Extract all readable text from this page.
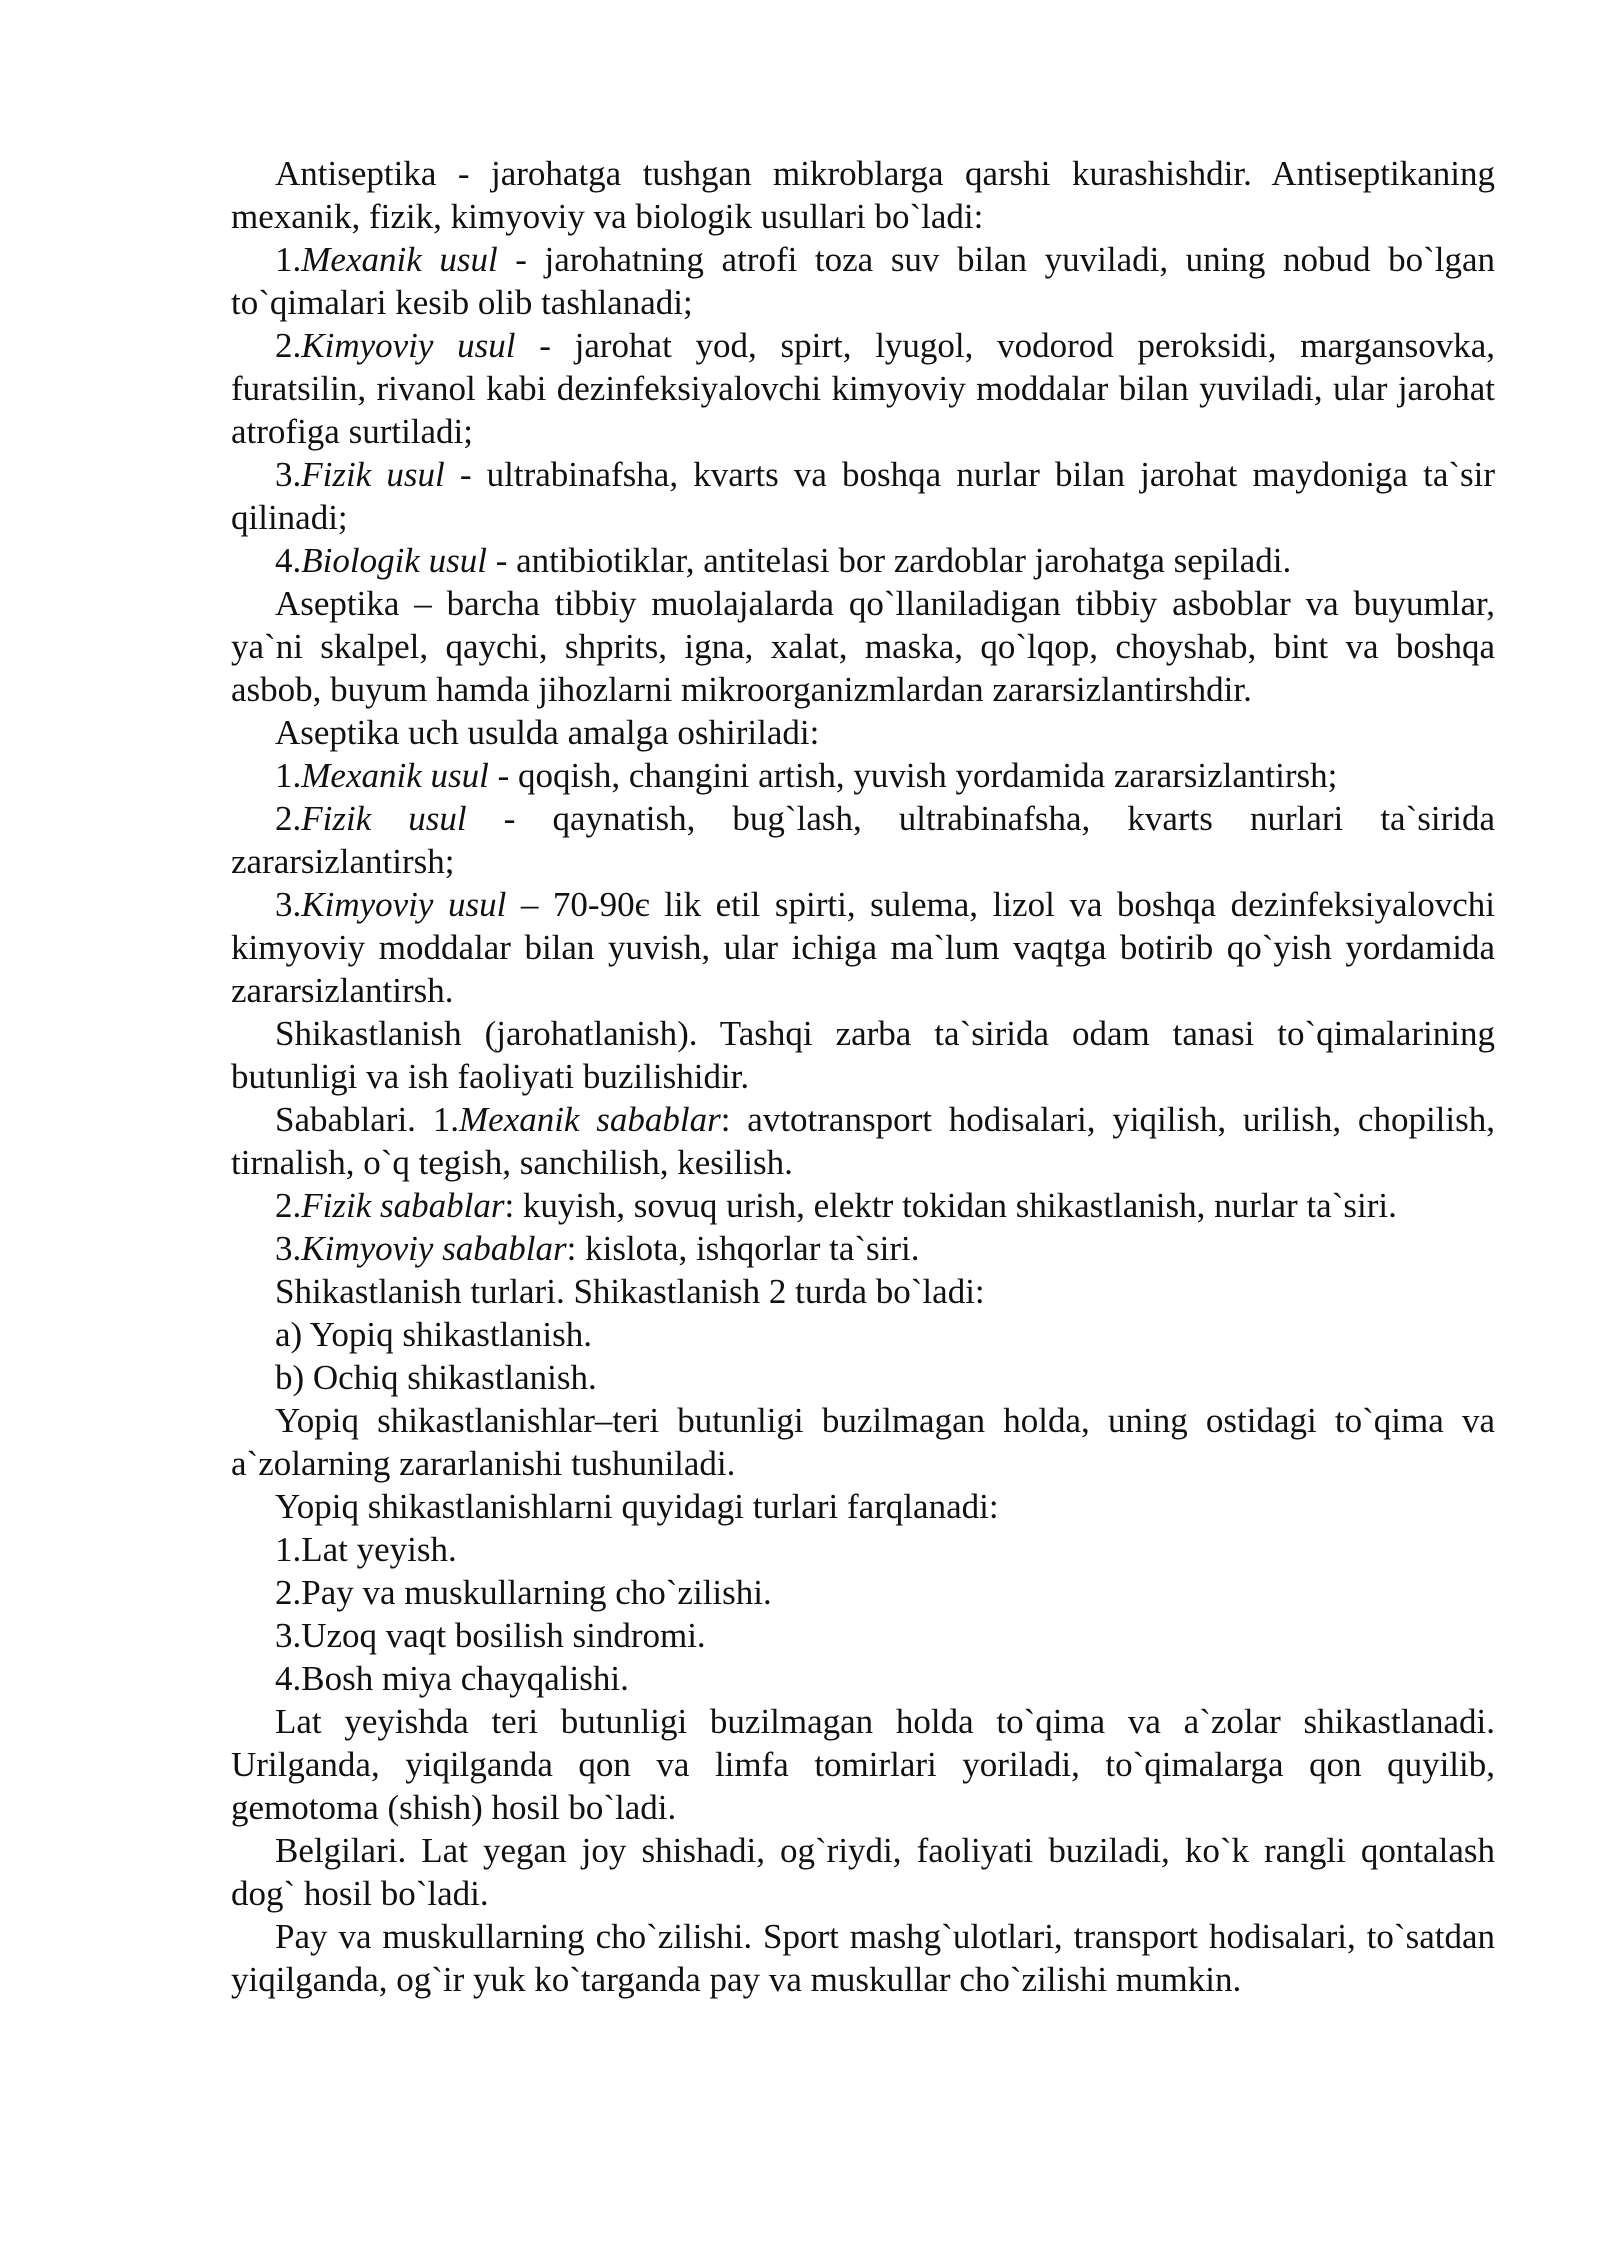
Antiseptika - jarohatga tushgan mikroblarga qarshi kurashishdir. Antiseptikaning mexanik, fizik, kimyoviy va biologik usullari bo`ladi:

1.Mexanik usul - jarohatning atrofi toza suv bilan yuviladi, uning nobud bo`lgan to`qimalari kesib olib tashlanadi;

2.Kimyoviy usul - jarohat yod, spirt, lyugol, vodorod peroksidi, margansovka, furatsilin, rivanol kabi dezinfeksiyalovchi kimyoviy moddalar bilan yuviladi, ular jarohat atrofiga surtiladi;

3.Fizik usul - ultrabinafsha, kvarts va boshqa nurlar bilan jarohat maydoniga ta`sir qilinadi;

4.Biologik usul - antibiotiklar, antitelasi bor zardoblar jarohatga sepiladi.

Aseptika – barcha tibbiy muolajalarda qo`llaniladigan tibbiy asboblar va buyumlar, ya`ni skalpel, qaychi, shprits, igna, xalat, maska, qo`lqop, choyshab, bint va boshqa asbob, buyum hamda jihozlarni mikroorganizmlardan zararsizlantirshdir.

Aseptika uch usulda amalga oshiriladi:

1.Mexanik usul - qoqish, changini artish, yuvish yordamida zararsizlantirsh;

2.Fizik usul - qaynatish, bug`lash, ultrabinafsha, kvarts nurlari ta`sirida zararsizlantirsh;

3.Kimyoviy usul – 70-90є lik etil spirti, sulema, lizol va boshqa dezinfeksiyalovchi kimyoviy moddalar bilan yuvish, ular ichiga ma`lum vaqtga botirib qo`yish yordamida zararsizlantirsh.

Shikastlanish (jarohatlanish). Tashqi zarba ta`sirida odam tanasi to`qimalarining butunligi va ish faoliyati buzilishidir.

Sabablari. 1.Mexanik sabablar: avtotransport hodisalari, yiqilish, urilish, chopilish, tirnalish, o`q tegish, sanchilish, kesilish.

2.Fizik sabablar: kuyish, sovuq urish, elektr tokidan shikastlanish, nurlar ta`siri.

3.Kimyoviy sabablar: kislota, ishqorlar ta`siri.

Shikastlanish turlari. Shikastlanish 2 turda bo`ladi:

a) Yopiq shikastlanish.

b) Ochiq shikastlanish.

Yopiq shikastlanishlar–teri butunligi buzilmagan holda, uning ostidagi to`qima va a`zolarning zararlanishi tushuniladi.

Yopiq shikastlanishlarni quyidagi turlari farqlanadi:

1.Lat yeyish.

2.Pay va muskullarning cho`zilishi.

3.Uzoq vaqt bosilish sindromi.

4.Bosh miya chayqalishi.

Lat yeyishda teri butunligi buzilmagan holda to`qima va a`zolar shikastlanadi. Urilganda, yiqilganda qon va limfa tomirlari yoriladi, to`qimalarga qon quyilib, gemotoma (shish) hosil bo`ladi.

Belgilari. Lat yegan joy shishadi, og`riydi, faoliyati buziladi, ko`k rangli qontalash dog` hosil bo`ladi.

Pay va muskullarning cho`zilishi. Sport mashg`ulotlari, transport hodisalari, to`satdan yiqilganda, og`ir yuk ko`targanda pay va muskullar cho`zilishi mumkin.
